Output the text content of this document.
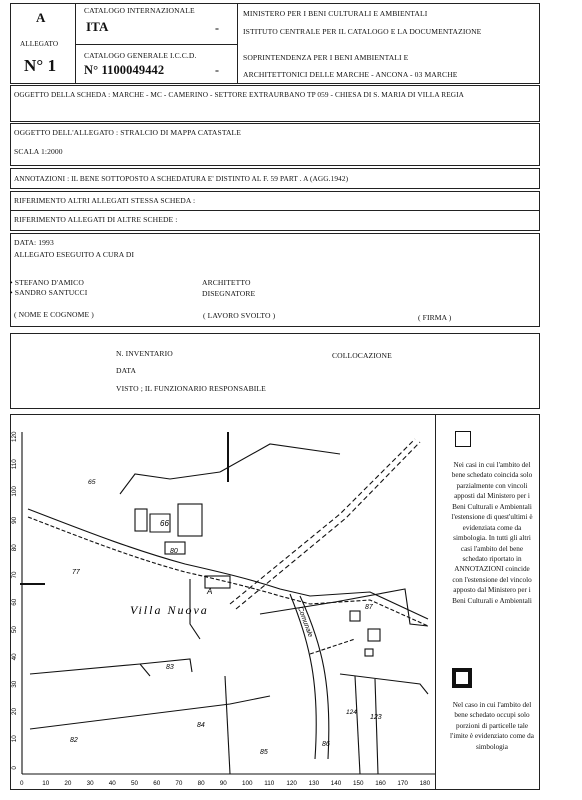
A
ALLEGATO
N° 1
CATALOGO INTERNAZIONALE
ITA	-
CATALOGO GENERALE I.C.C.D.
N° 1100049442	-
MINISTERO PER I BENI CULTURALI E AMBIENTALI
ISTITUTO CENTRALE PER IL CATALOGO E LA DOCUMENTAZIONE
SOPRINTENDENZA PER I BENI AMBIENTALI E
ARCHITETTONICI DELLE MARCHE - ANCONA - 03 MARCHE
OGGETTO DELLA SCHEDA : MARCHE - MC - CAMERINO - SETTORE EXTRAURBANO TP 059 - CHIESA DI S. MARIA DI VILLA REGIA
OGGETTO DELL'ALLEGATO : STRALCIO DI MAPPA CATASTALE
SCALA 1:2000
ANNOTAZIONI : IL BENE SOTTOPOSTO A SCHEDATURA E' DISTINTO AL F. 59 PART . A (AGG.1942)
RIFERIMENTO ALTRI ALLEGATI STESSA SCHEDA :
RIFERIMENTO ALLEGATI DI ALTRE SCHEDE :
DATA: 1993
ALLEGATO ESEGUITO A CURA DI
• STEFANO D'AMICO
• SANDRO SANTUCCI
ARCHITETTO
DISEGNATORE
( NOME E COGNOME )	( LAVORO SVOLTO )	( FIRMA )
N. INVENTARIO	COLLOCAZIONE
DATA
VISTO ; IL FUNZIONARIO RESPONSABILE
120
110
100
90
80
70
60
50
40
30
20
10
0
0	10 20 30 40 50 60 70 80 90 100 110 120 130 140 150 160 170 180
65
66
A
80
77
83
84
82
85
86
87
123
124
Villa Nuova	Comunale
Nei casi in cui l'ambito del bene schedato coincida solo parzialmente con vincoli apposti dal Ministero per i Beni Culturali e Ambientali l'estensione di quest'ultimi è evidenziata come da simbologia. In tutti gli altri casi l'ambito del bene schedato riportato in ANNOTAZIONI coincide con l'estensione del vincolo apposto dal Ministero per i Beni Culturali e Ambientali
Nel caso in cui l'ambito del bene schedato occupi solo porzioni di particelle tale l'imite è evidenziato come da simbologia
